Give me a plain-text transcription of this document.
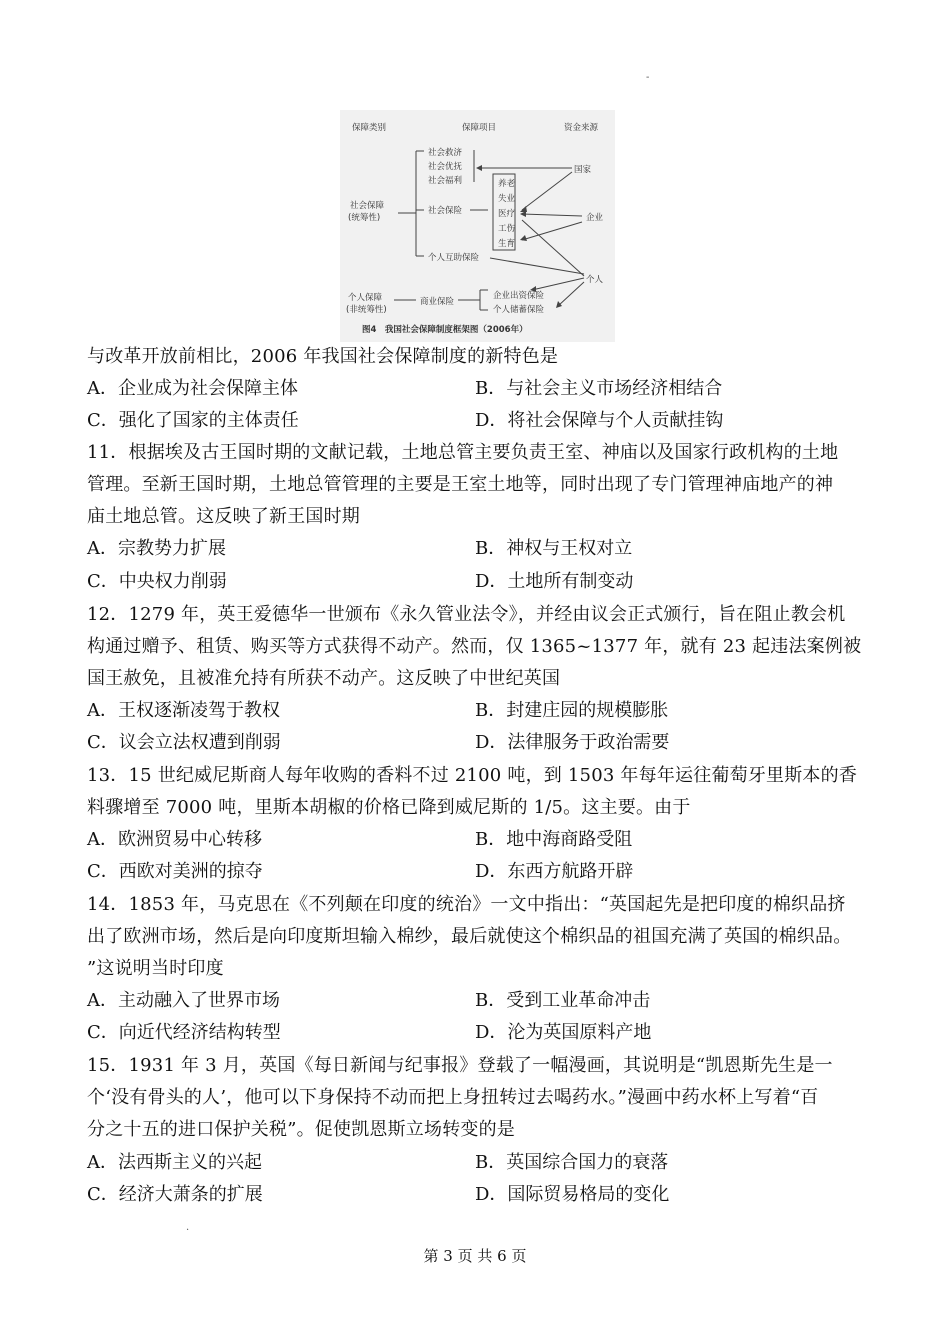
保障类别	保障项目	资金来源
社会保障
(统筹性)
社会救济
社会优抚
社会福利
社会保险
养老
失业
医疗
工伤
生育
个人互助保险
个人保障
(非统筹性)
商业保险
企业出资保险
个人储蓄保险
国家
企业
个人
图4　我国社会保障制度框架图（2006年）
-
与改革开放前相比，2006 年我国社会保障制度的新特色是
A．企业成为社会保障主体	B．与社会主义市场经济相结合
C．强化了国家的主体责任	D．将社会保障与个人贡献挂钩
11．根据埃及古王国时期的文献记载，土地总管主要负责王室、神庙以及国家行政机构的土地
管理。至新王国时期，土地总管管理的主要是王室土地等，同时出现了专门管理神庙地产的神
庙土地总管。这反映了新王国时期
A．宗教势力扩展	B．神权与王权对立
C．中央权力削弱	D．土地所有制变动
12．1279 年，英王爱德华一世颁布《永久管业法令》，并经由议会正式颁行，旨在阻止教会机
构通过赠予、租赁、购买等方式获得不动产。然而，仅 1365~1377 年，就有 23 起违法案例被
国王赦免，且被准允持有所获不动产。这反映了中世纪英国
A．王权逐渐凌驾于教权	B．封建庄园的规模膨胀
C．议会立法权遭到削弱	D．法律服务于政治需要
13．15 世纪威尼斯商人每年收购的香料不过 2100 吨，到 1503 年每年运往葡萄牙里斯本的香
料骤增至 7000 吨，里斯本胡椒的价格已降到威尼斯的 1/5。这主要。由于
A．欧洲贸易中心转移	B．地中海商路受阻
C．西欧对美洲的掠夺	D．东西方航路开辟
14．1853 年，马克思在《不列颠在印度的统治》一文中指出：“英国起先是把印度的棉织品挤
出了欧洲市场，然后是向印度斯坦输入棉纱，最后就使这个棉织品的祖国充满了英国的棉织品。
”这说明当时印度
A．主动融入了世界市场	B．受到工业革命冲击
C．向近代经济结构转型	D．沦为英国原料产地
15．1931 年 3 月，英国《每日新闻与纪事报》登载了一幅漫画，其说明是“凯恩斯先生是一
个‘没有骨头的人’，他可以下身保持不动而把上身扭转过去喝药水。”漫画中药水杯上写着“百
分之十五的进口保护关税”。促使凯恩斯立场转变的是
A．法西斯主义的兴起	B．英国综合国力的衰落
C．经济大萧条的扩展	D．国际贸易格局的变化
.
第 3 页 共 6 页
